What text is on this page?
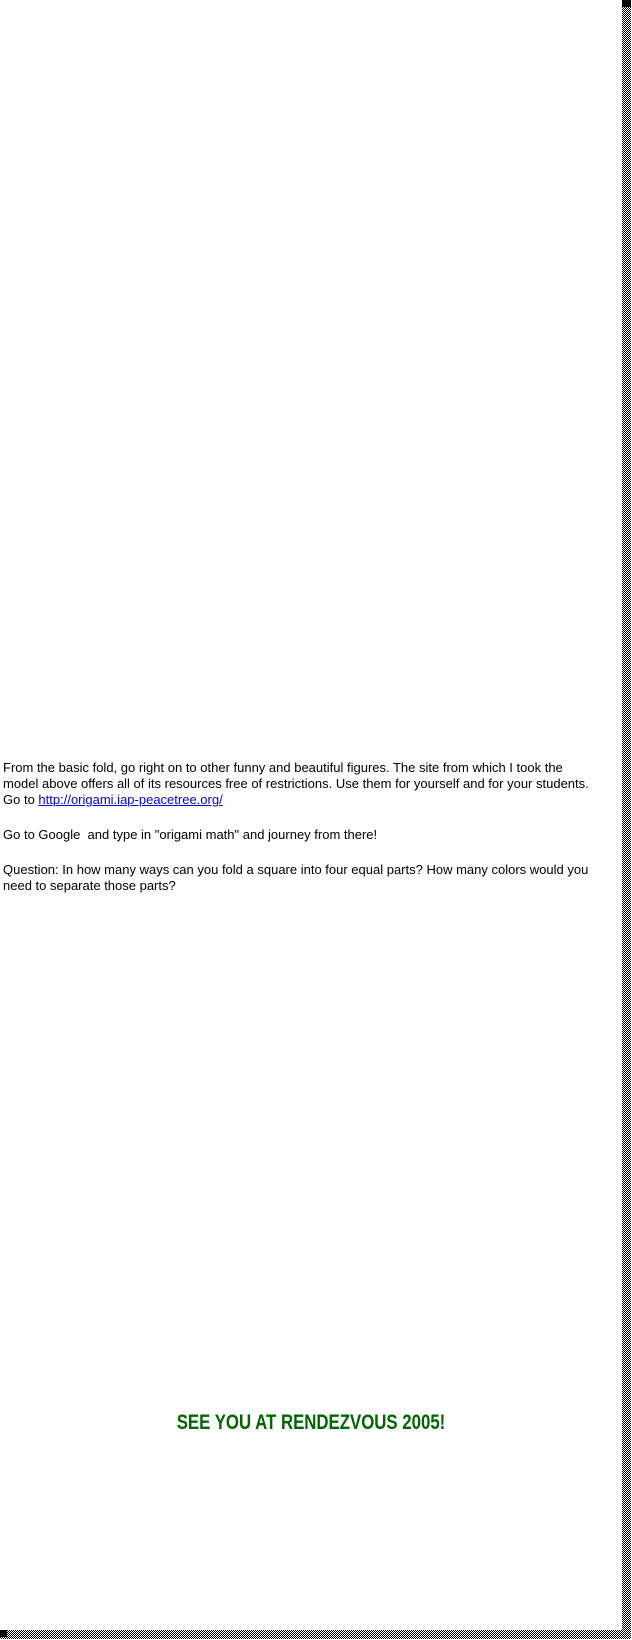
From the basic fold, go right on to other funny and beautiful figures. The site from which I took the model above offers all of its resources free of restrictions. Use them for yourself and for your students.  Go to http://origami.iap-peacetree.org/

Go to Google  and type in "origami math" and journey from there!

Question: In how many ways can you fold a square into four equal parts? How many colors would you need to separate those parts?

SEE YOU AT RENDEZVOUS 2005!
